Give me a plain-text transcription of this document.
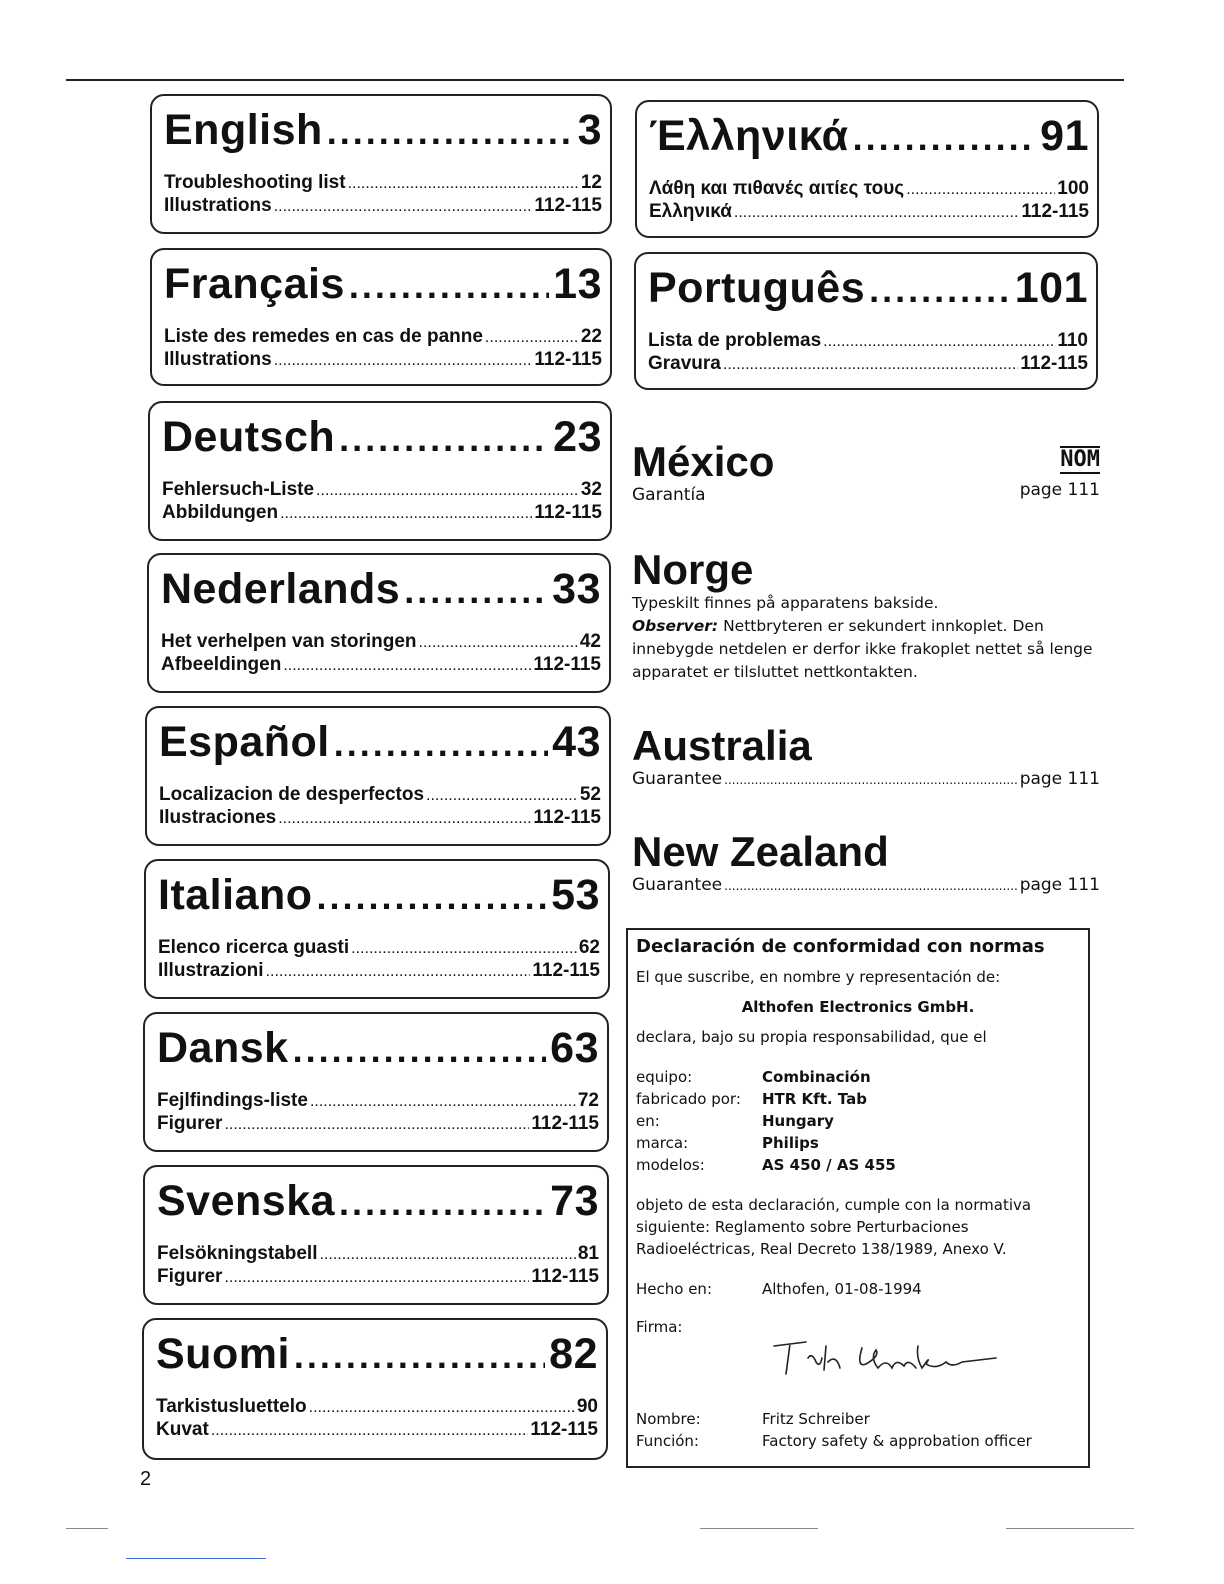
English .....	3
Troubleshooting list .....	12
Illustrations .....	112-115
Français .....	13
Liste des remedes en cas de panne .....	22
Illustrations .....	112-115
Deutsch .....	23
Fehlersuch-Liste .....	32
Abbildungen .....	112-115
Nederlands .....	33
Het verhelpen van storingen .....	42
Afbeeldingen .....	112-115
Español .....	43
Localizacion de desperfectos .....	52
Ilustraciones .....	112-115
Italiano .....	53
Elenco ricerca guasti .....	62
Illustrazioni .....	112-115
Dansk .....	63
Fejlfindings-liste .....	72
Figurer .....	112-115
Svenska .....	73
Felsökningstabell .....	81
Figurer .....	112-115
Suomi .....	82
Tarkistusluettelo .....	90
Kuvat .....	112-115
Έλληνικά .....	91
Λάθη και πιθανές αιτίες τους .....	100
Ελληνικά .....	112-115
Português .....	101
Lista de problemas .....	110
Gravura .....	112-115
México
Garantía
NOM
page 111
Norge
Typeskilt finnes på apparatens bakside.
Observer: Nettbryteren er sekundert innkoplet. Den innebygde netdelen er derfor ikke frakoplet nettet så lenge apparatet er tilsluttet nettkontakten.
Australia
Guarantee .....	page 111
New Zealand
Guarantee .....	page 111
Declaración de conformidad con normas
El que suscribe, en nombre y representación de:
Althofen Electronics GmbH.
declara, bajo su propia responsabilidad, que el
equipo:	Combinación
fabricado por:	HTR Kft. Tab
en:	Hungary
marca:	Philips
modelos:	AS 450 / AS 455
objeto de esta declaración, cumple con la normativa siguiente: Reglamento sobre Perturbaciones Radioeléctricas, Real Decreto 138/1989, Anexo V.
Hecho en:	Althofen, 01-08-1994
Firma:
Nombre:	Fritz Schreiber
Función:	Factory safety & approbation officer
2
